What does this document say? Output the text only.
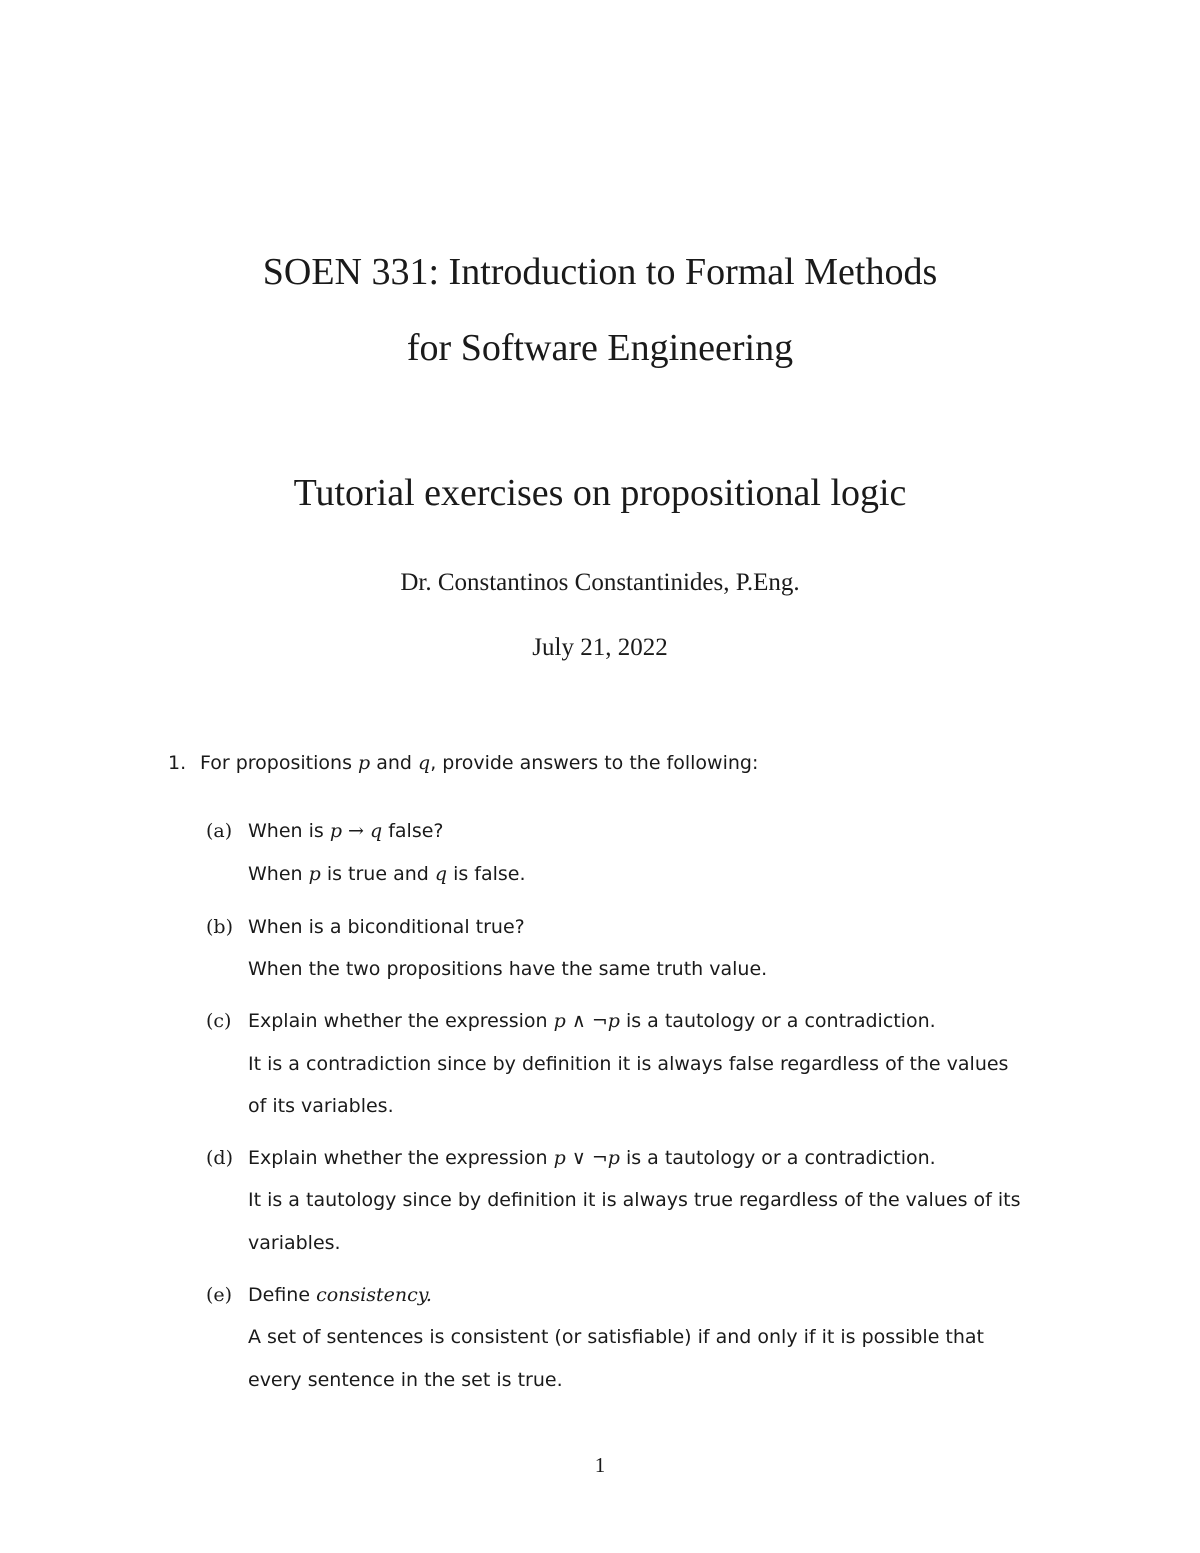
SOEN 331: Introduction to Formal Methods
for Software Engineering
Tutorial exercises on propositional logic
Dr. Constantinos Constantinides, P.Eng.
July 21, 2022
1. For propositions p and q, provide answers to the following:
(a) When is p → q false?
When p is true and q is false.
(b) When is a biconditional true?
When the two propositions have the same truth value.
(c) Explain whether the expression p ∧ ¬p is a tautology or a contradiction.
It is a contradiction since by definition it is always false regardless of the values
of its variables.
(d) Explain whether the expression p ∨ ¬p is a tautology or a contradiction.
It is a tautology since by definition it is always true regardless of the values of its
variables.
(e) Define consistency.
A set of sentences is consistent (or satisfiable) if and only if it is possible that
every sentence in the set is true.
1
